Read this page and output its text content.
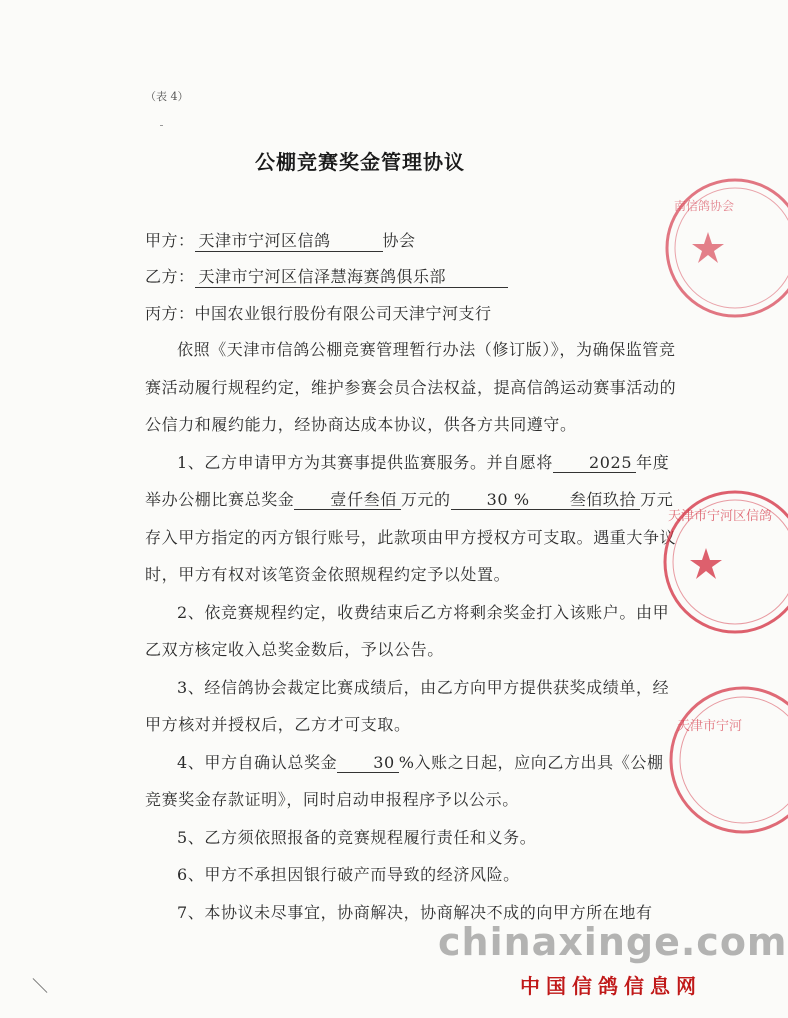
（表 4）
公棚竞赛奖金管理协议
甲方： 天津市宁河区信鸽	协会
乙方： 天津市宁河区信泽慧海赛鸽俱乐部
丙方：中国农业银行股份有限公司天津宁河支行

依照《天津市信鸽公棚竞赛管理暂行办法（修订版）》，为确保监管竞赛活动履行规程约定，维护参赛会员合法权益，提高信鸽运动赛事活动的公信力和履约能力，经协商达成本协议，供各方共同遵守。

1、乙方申请甲方为其赛事提供监赛服务。并自愿将 2025 年度举办公棚比赛总奖金 壹仟叁佰 万元的 30 %	叁佰玖拾 万元存入甲方指定的丙方银行账号，此款项由甲方授权方可支取。遇重大争议时，甲方有权对该笔资金依照规程约定予以处置。

2、依竞赛规程约定，收费结束后乙方将剩余奖金打入该账户。由甲乙双方核定收入总奖金数后，予以公告。

3、经信鸽协会裁定比赛成绩后，由乙方向甲方提供获奖成绩单，经甲方核对并授权后，乙方才可支取。

4、甲方自确认总奖金 30 %入账之日起，应向乙方出具《公棚竞赛奖金存款证明》，同时启动申报程序予以公示。

5、乙方须依照报备的竞赛规程履行责任和义务。

6、甲方不承担因银行破产而导致的经济风险。

7、本协议未尽事宜，协商解决，协商解决不成的向甲方所在地有

南信鸽协会
天津市宁河区信鸽
天津市宁河
chinaxinge.com
中国信鸽信息网
